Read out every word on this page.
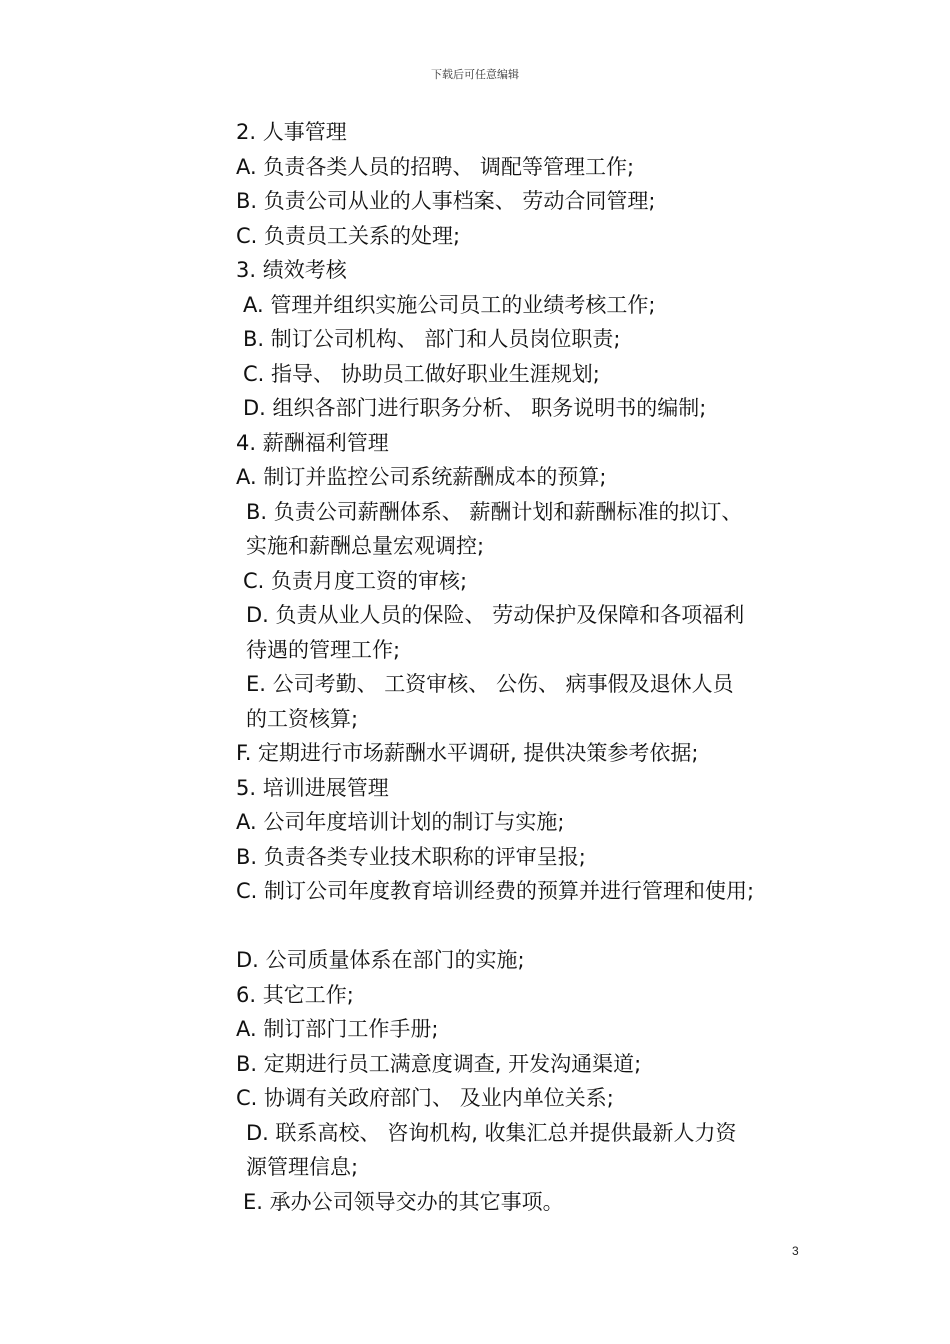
下载后可任意编辑
2. 人事管理
A. 负责各类人员的招聘、 调配等管理工作;
B. 负责公司从业的人事档案、 劳动合同管理;
C. 负责员工关系的处理;
3. 绩效考核
A. 管理并组织实施公司员工的业绩考核工作;
B. 制订公司机构、 部门和人员岗位职责;
C. 指导、 协助员工做好职业生涯规划;
D. 组织各部门进行职务分析、 职务说明书的编制;
4. 薪酬福利管理
A. 制订并监控公司系统薪酬成本的预算;
B. 负责公司薪酬体系、 薪酬计划和薪酬标准的拟订、
实施和薪酬总量宏观调控;
C. 负责月度工资的审核;
D. 负责从业人员的保险、 劳动保护及保障和各项福利
待遇的管理工作;
E. 公司考勤、 工资审核、 公伤、 病事假及退休人员
的工资核算;
F. 定期进行市场薪酬水平调研, 提供决策参考依据;
5. 培训进展管理
A. 公司年度培训计划的制订与实施;
B. 负责各类专业技术职称的评审呈报;
C. 制订公司年度教育培训经费的预算并进行管理和使用;
D. 公司质量体系在部门的实施;
6. 其它工作;
A. 制订部门工作手册;
B. 定期进行员工满意度调查, 开发沟通渠道;
C. 协调有关政府部门、 及业内单位关系;
D. 联系高校、 咨询机构, 收集汇总并提供最新人力资
源管理信息;
E. 承办公司领导交办的其它事项。
3
